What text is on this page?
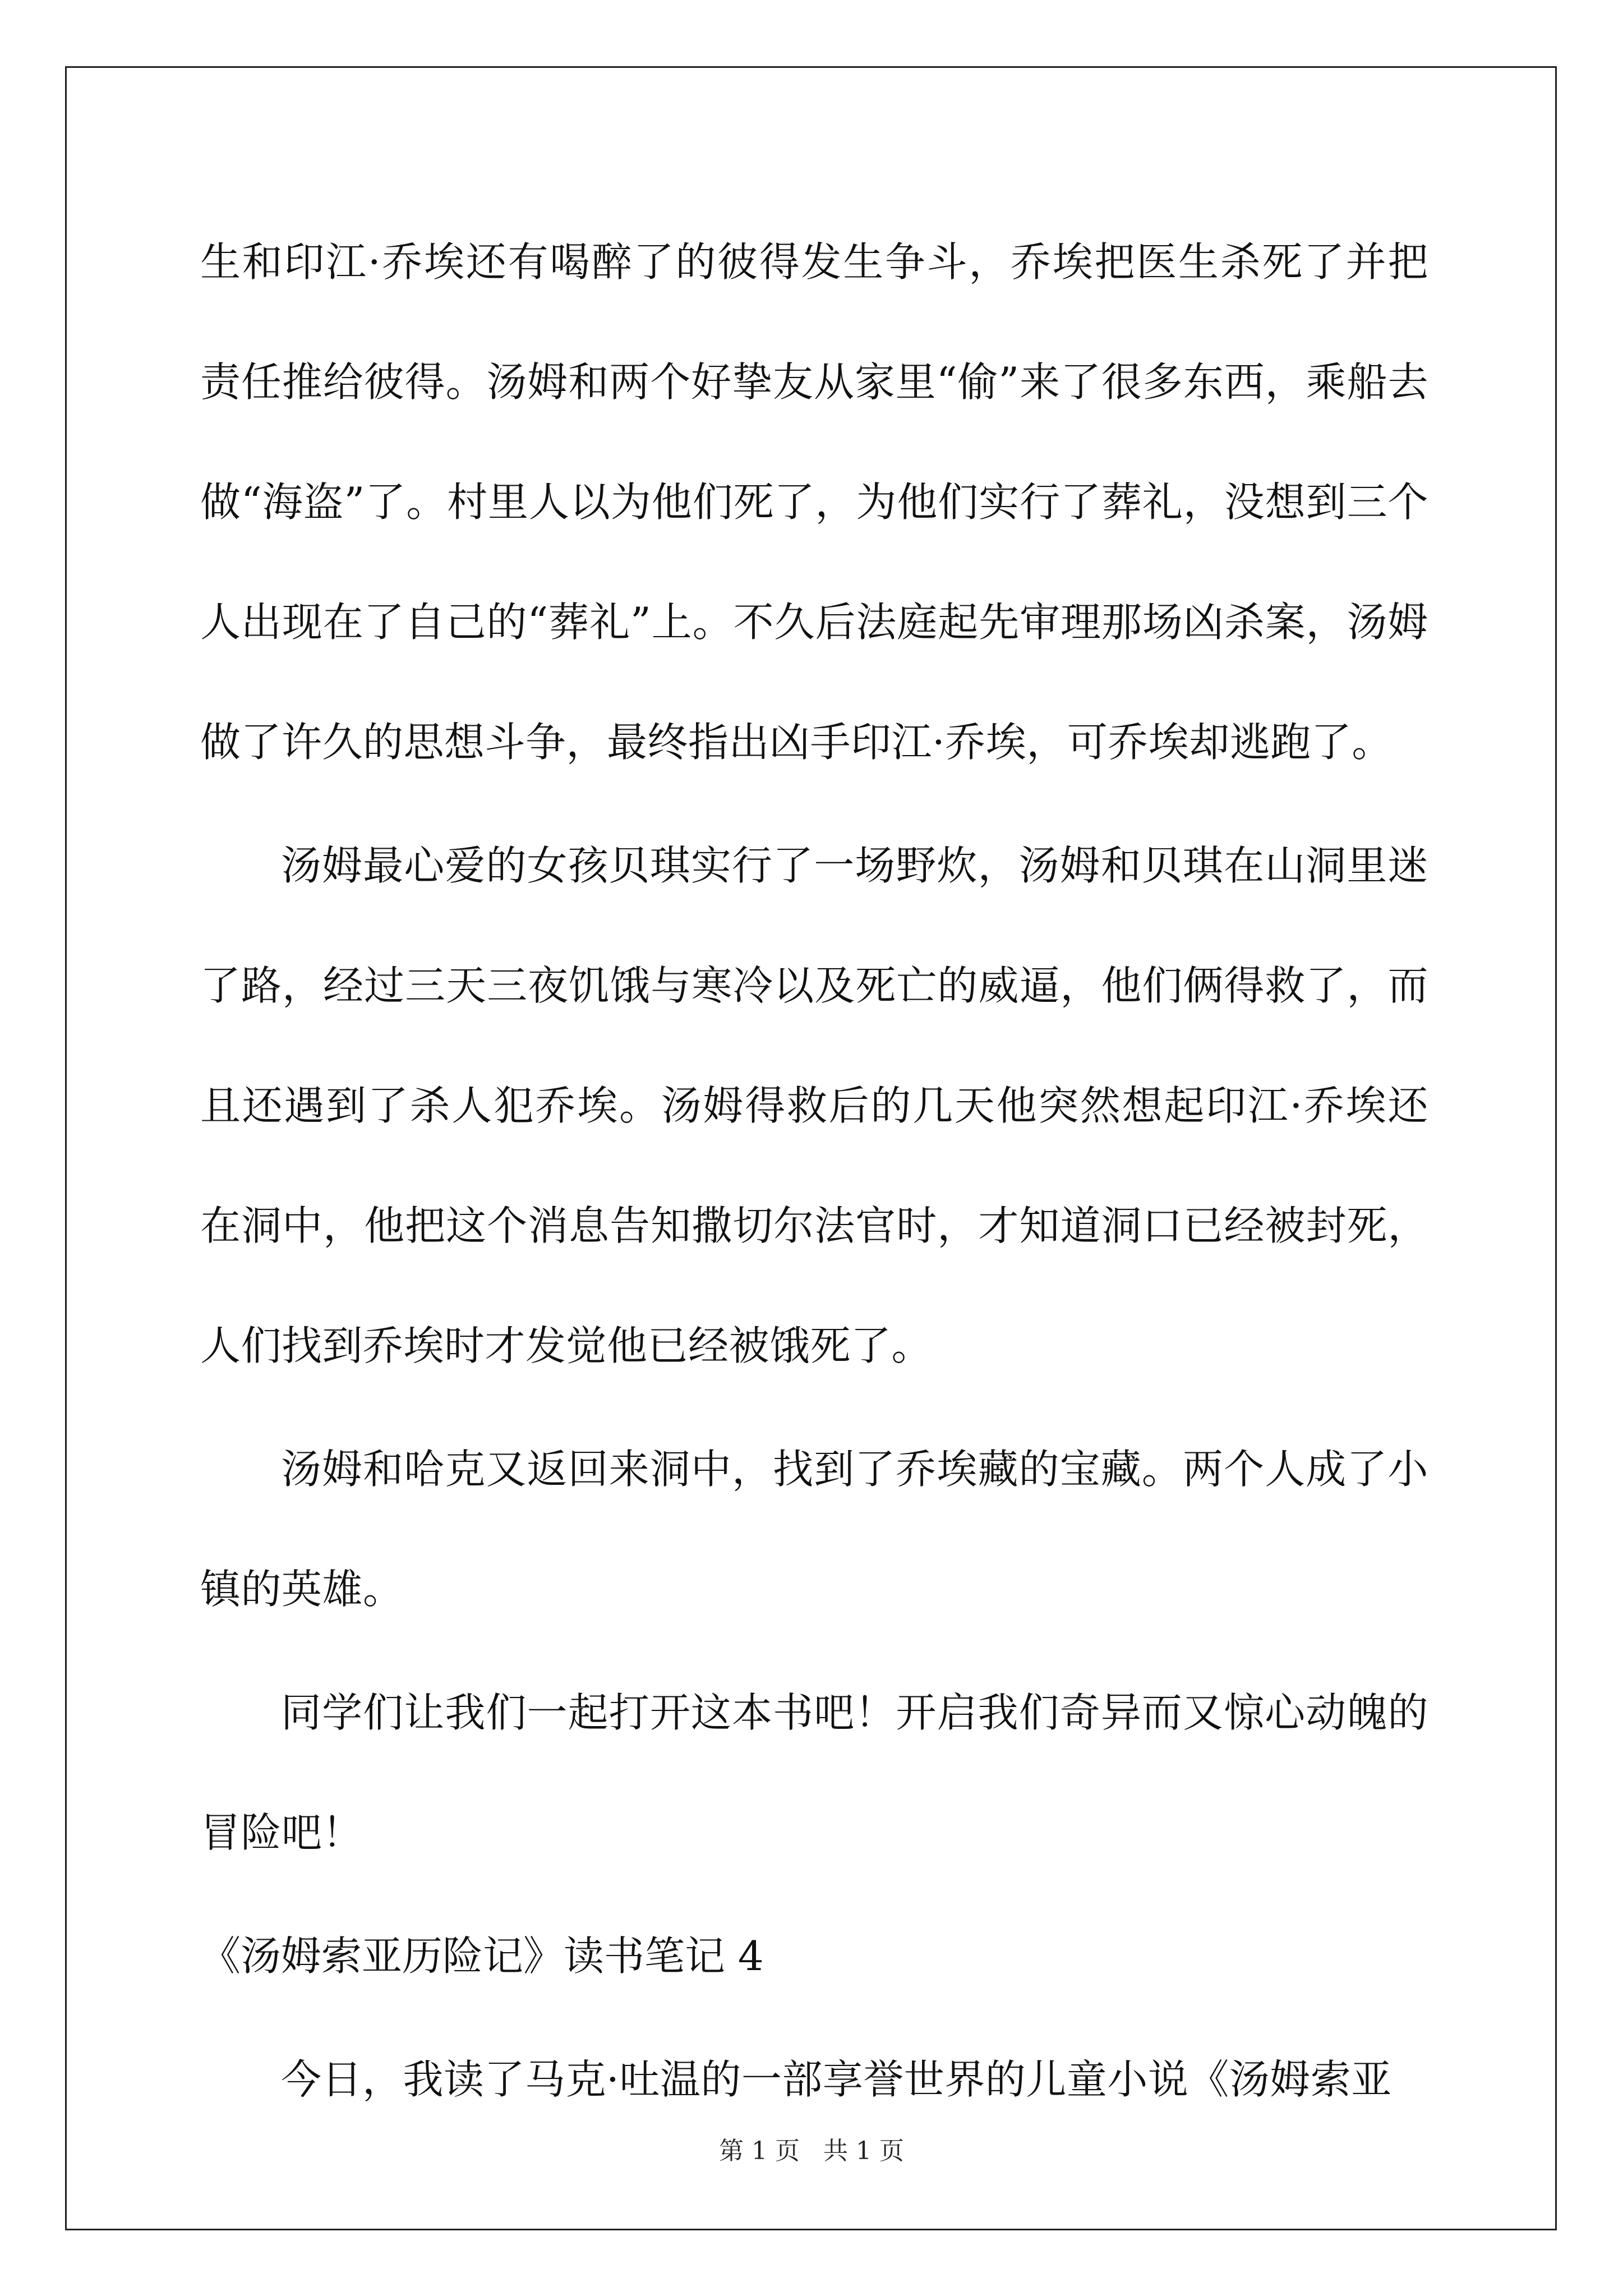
生和印江·乔埃还有喝醉了的彼得发生争斗，乔埃把医生杀死了并把责任推给彼得。汤姆和两个好挚友从家里“偷”来了很多东西，乘船去做“海盗”了。村里人以为他们死了，为他们实行了葬礼，没想到三个人出现在了自己的“葬礼”上。不久后法庭起先审理那场凶杀案，汤姆做了许久的思想斗争，最终指出凶手印江·乔埃，可乔埃却逃跑了。

汤姆最心爱的女孩贝琪实行了一场野炊，汤姆和贝琪在山洞里迷了路，经过三天三夜饥饿与寒冷以及死亡的威逼，他们俩得救了，而且还遇到了杀人犯乔埃。汤姆得救后的几天他突然想起印江·乔埃还在洞中，他把这个消息告知撒切尔法官时，才知道洞口已经被封死，人们找到乔埃时才发觉他已经被饿死了。

汤姆和哈克又返回来洞中，找到了乔埃藏的宝藏。两个人成了小镇的英雄。

同学们让我们一起打开这本书吧！开启我们奇异而又惊心动魄的冒险吧！

《汤姆索亚历险记》读书笔记 4

今日，我读了马克·吐温的一部享誉世界的儿童小说《汤姆索亚

第 1 页   共 1 页
